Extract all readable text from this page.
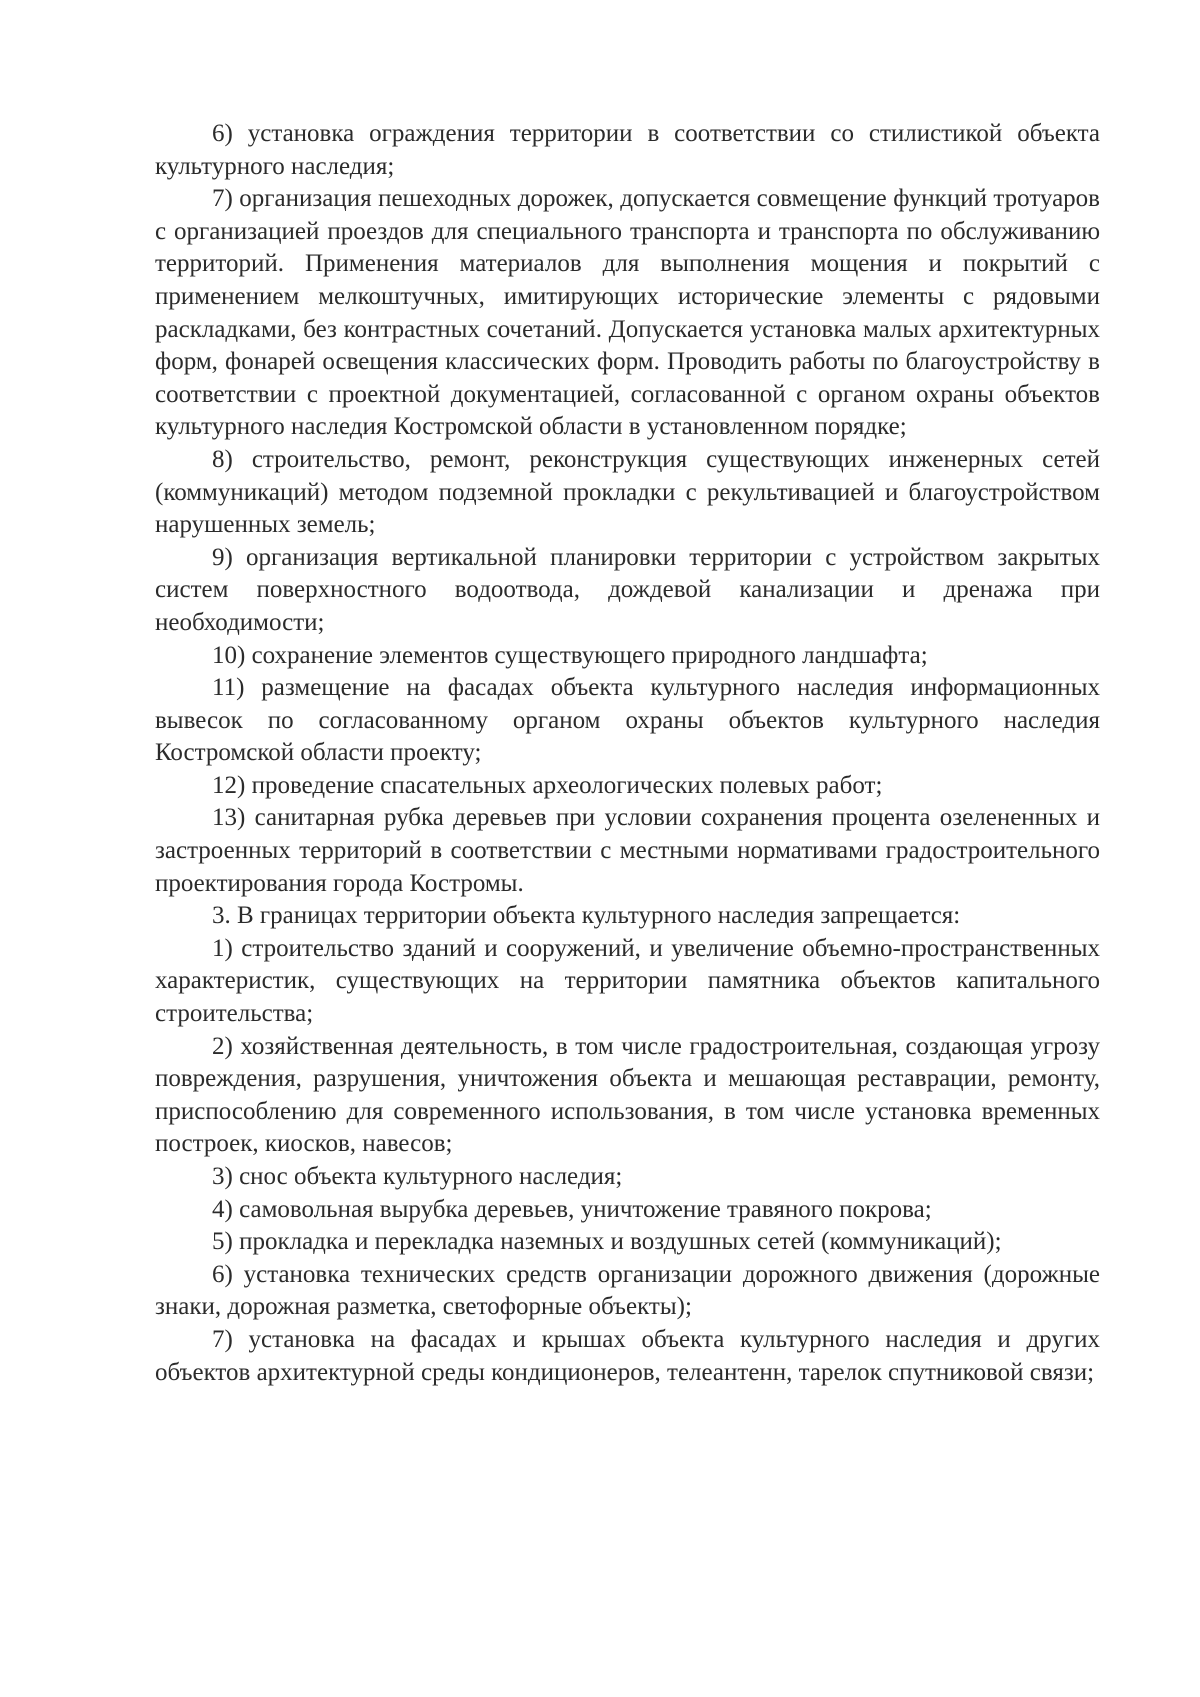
6) установка ограждения территории в соответствии со стилистикой объекта культурного наследия;

7) организация пешеходных дорожек, допускается совмещение функций тротуаров с организацией проездов для специального транспорта и транспорта по обслуживанию территорий. Применения материалов для выполнения мощения и покрытий с применением мелкоштучных, имитирующих исторические элементы с рядовыми раскладками, без контрастных сочетаний. Допускается установка малых архитектурных форм, фонарей освещения классических форм. Проводить работы по благоустройству в соответствии с проектной документацией, согласованной с органом охраны объектов культурного наследия Костромской области в установленном порядке;

8) строительство, ремонт, реконструкция существующих инженерных сетей (коммуникаций) методом подземной прокладки с рекультивацией и благоустройством нарушенных земель;

9) организация вертикальной планировки территории с устройством закрытых систем поверхностного водоотвода, дождевой канализации и дренажа при необходимости;

10) сохранение элементов существующего природного ландшафта;

11) размещение на фасадах объекта культурного наследия информационных вывесок по согласованному органом охраны объектов культурного наследия Костромской области проекту;

12) проведение спасательных археологических полевых работ;

13) санитарная рубка деревьев при условии сохранения процента озелененных и застроенных территорий в соответствии с местными нормативами градостроительного проектирования города Костромы.

3. В границах территории объекта культурного наследия запрещается:

1) строительство зданий и сооружений, и увеличение объемно-пространственных характеристик, существующих на территории памятника объектов капитального строительства;

2) хозяйственная деятельность, в том числе градостроительная, создающая угрозу повреждения, разрушения, уничтожения объекта и мешающая реставрации, ремонту, приспособлению для современного использования, в том числе установка временных построек, киосков, навесов;

3) снос объекта культурного наследия;

4) самовольная вырубка деревьев, уничтожение травяного покрова;

5) прокладка и перекладка наземных и воздушных сетей (коммуникаций);

6) установка технических средств организации дорожного движения (дорожные знаки, дорожная разметка, светофорные объекты);

7) установка на фасадах и крышах объекта культурного наследия и других объектов архитектурной среды кондиционеров, телеантенн, тарелок спутниковой связи;
